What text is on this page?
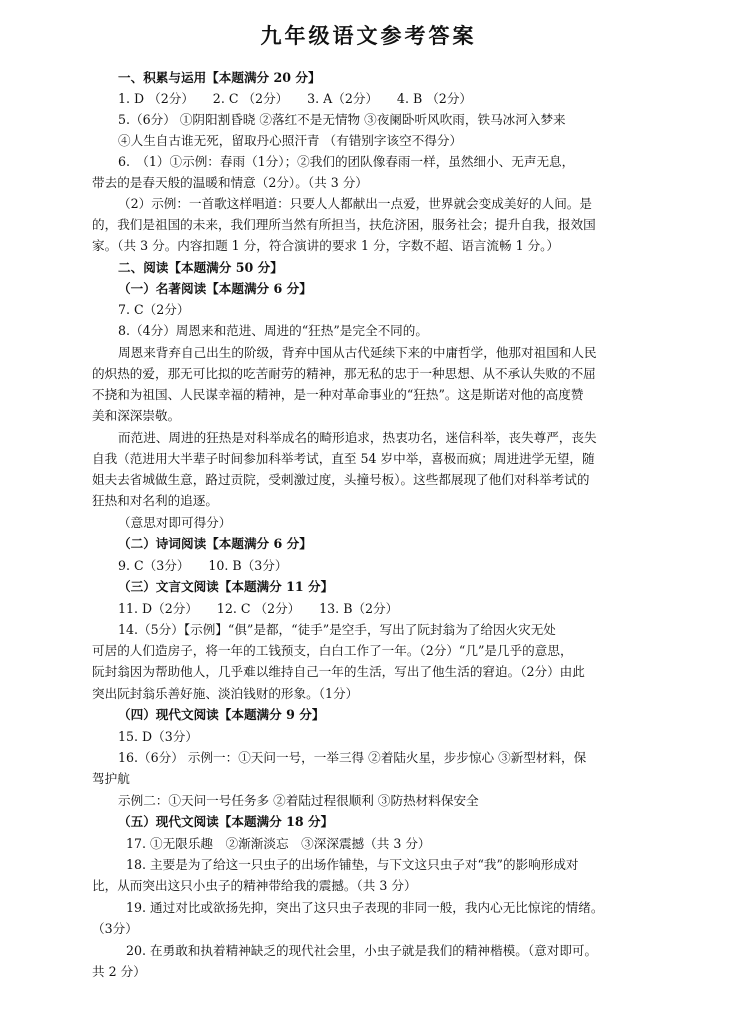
九年级语文参考答案
一、积累与运用【本题满分 20 分】
1. D （2分）　　2. C （2分）　　3. A（2分）　　4. B （2分）
5.（6分） ①阴阳割昏晓 ②落红不是无情物 ③夜阑卧听风吹雨，铁马冰河入梦来
④人生自古谁无死，留取丹心照汗青 （有错别字该空不得分）
6.　（1）①示例：春雨（1分）；②我们的团队像春雨一样，虽然细小、无声无息，
带去的是春天般的温暖和情意（2分）。（共 3 分）
（2）示例：一首歌这样唱道：只要人人都献出一点爱，世界就会变成美好的人间。是
的，我们是祖国的未来，我们理所当然有所担当，扶危济困，服务社会；提升自我，报效国
家。（共 3 分。内容扣题 1 分，符合演讲的要求 1 分，字数不超、语言流畅 1 分。）
二、阅读【本题满分 50 分】
（一）名著阅读【本题满分 6 分】
7. C（2分）
8.（4分）周恩来和范进、周进的“狂热”是完全不同的。
周恩来背弃自己出生的阶级，背弃中国从古代延续下来的中庸哲学，他那对祖国和人民
的炽热的爱，那无可比拟的吃苦耐劳的精神，那无私的忠于一种思想、从不承认失败的不屈
不挠和为祖国、人民谋幸福的精神，是一种对革命事业的“狂热”。这是斯诺对他的高度赞
美和深深崇敬。
而范进、周进的狂热是对科举成名的畸形追求，热衷功名，迷信科举，丧失尊严，丧失
自我（范进用大半辈子时间参加科举考试，直至 54 岁中举，喜极而疯；周进进学无望，随
姐夫去省城做生意，路过贡院，受刺激过度，头撞号板）。这些都展现了他们对科举考试的
狂热和对名利的追逐。
（意思对即可得分）
（二）诗词阅读【本题满分 6 分】
9. C（3分）　　10. B（3分）
（三）文言文阅读【本题满分 11 分】
11. D（2分）　　12. C （2分）　　13. B（2分）
14.（5分）【示例】“俱”是都，“徒手”是空手，写出了阮封翁为了给因火灾无处
可居的人们造房子，将一年的工钱预支，白白工作了一年。（2分）“几”是几乎的意思，
阮封翁因为帮助他人，几乎难以维持自己一年的生活，写出了他生活的窘迫。（2分）由此
突出阮封翁乐善好施、淡泊钱财的形象。（1分）
（四）现代文阅读【本题满分 9 分】
15. D（3分）
16.（6分） 示例一：①天问一号，一举三得 ②着陆火星，步步惊心 ③新型材料，保
驾护航
示例二：①天问一号任务多 ②着陆过程很顺利 ③防热材料保安全
（五）现代文阅读【本题满分 18 分】
17. ①无限乐趣　②渐渐淡忘　③深深震撼（共 3 分）
18. 主要是为了给这一只虫子的出场作铺垫，与下文这只虫子对“我”的影响形成对
比，从而突出这只小虫子的精神带给我的震撼。（共 3 分）
19. 通过对比或欲扬先抑，突出了这只虫子表现的非同一般，我内心无比惊诧的情绪。
（3分）
20. 在勇敢和执着精神缺乏的现代社会里，小虫子就是我们的精神楷模。（意对即可。
共 2 分）
